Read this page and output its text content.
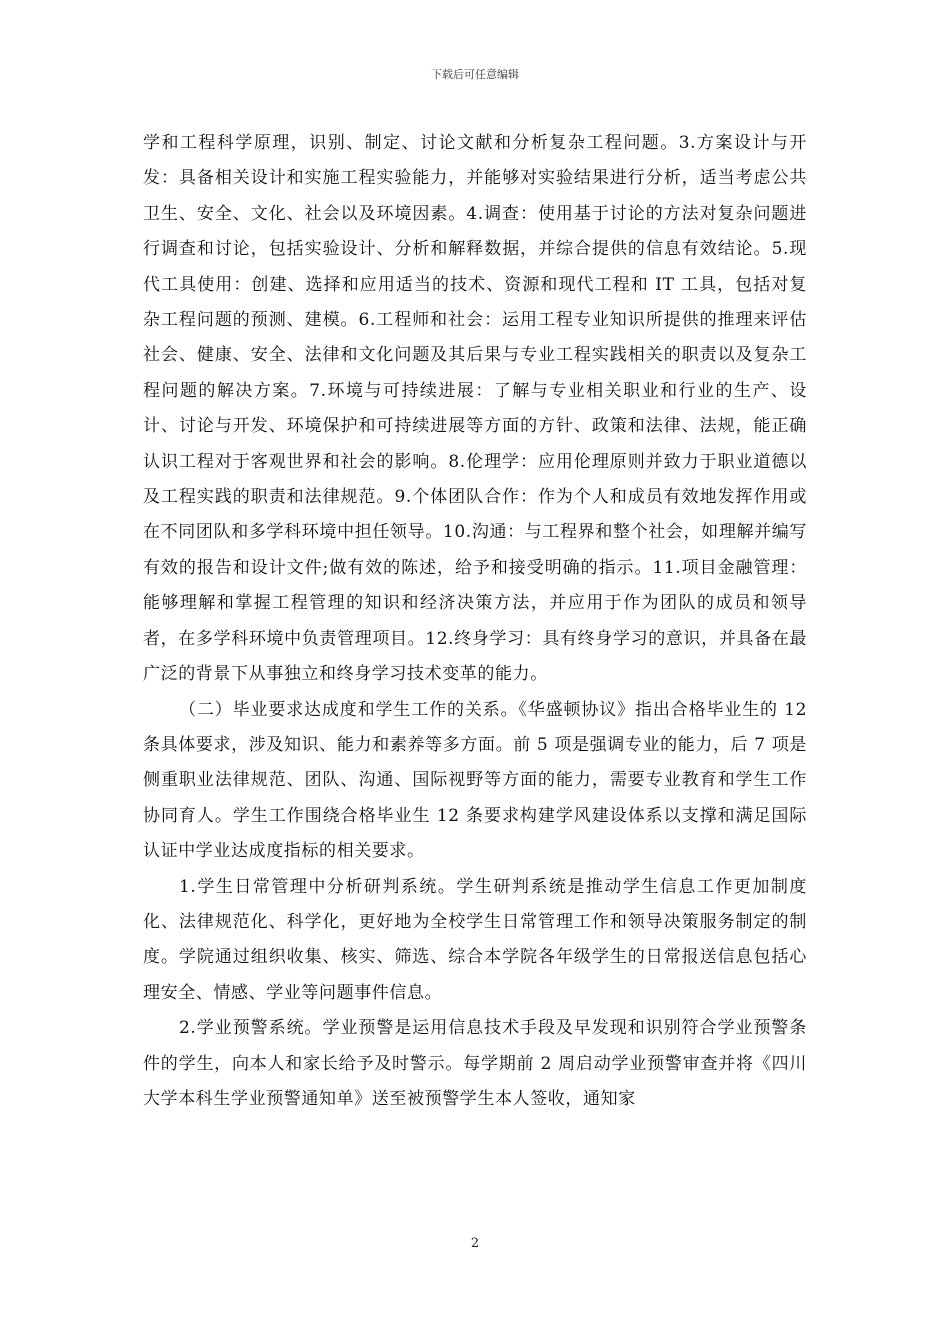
下载后可任意编辑

学和工程科学原理，识别、制定、讨论文献和分析复杂工程问题。3.方案设计与开发：具备相关设计和实施工程实验能力，并能够对实验结果进行分析，适当考虑公共卫生、安全、文化、社会以及环境因素。4.调查：使用基于讨论的方法对复杂问题进行调查和讨论，包括实验设计、分析和解释数据，并综合提供的信息有效结论。5.现代工具使用：创建、选择和应用适当的技术、资源和现代工程和 IT 工具，包括对复杂工程问题的预测、建模。6.工程师和社会：运用工程专业知识所提供的推理来评估社会、健康、安全、法律和文化问题及其后果与专业工程实践相关的职责以及复杂工程问题的解决方案。7.环境与可持续进展：了解与专业相关职业和行业的生产、设计、讨论与开发、环境保护和可持续进展等方面的方针、政策和法律、法规，能正确认识工程对于客观世界和社会的影响。8.伦理学：应用伦理原则并致力于职业道德以及工程实践的职责和法律规范。9.个体团队合作：作为个人和成员有效地发挥作用或在不同团队和多学科环境中担任领导。10.沟通：与工程界和整个社会，如理解并编写有效的报告和设计文件;做有效的陈述，给予和接受明确的指示。11.项目金融管理：能够理解和掌握工程管理的知识和经济决策方法，并应用于作为团队的成员和领导者，在多学科环境中负责管理项目。12.终身学习：具有终身学习的意识，并具备在最广泛的背景下从事独立和终身学习技术变革的能力。

（二）毕业要求达成度和学生工作的关系。《华盛顿协议》指出合格毕业生的 12 条具体要求，涉及知识、能力和素养等多方面。前 5 项是强调专业的能力，后 7 项是侧重职业法律规范、团队、沟通、国际视野等方面的能力，需要专业教育和学生工作协同育人。学生工作围绕合格毕业生 12 条要求构建学风建设体系以支撑和满足国际认证中学业达成度指标的相关要求。

1.学生日常管理中分析研判系统。学生研判系统是推动学生信息工作更加制度化、法律规范化、科学化，更好地为全校学生日常管理工作和领导决策服务制定的制度。学院通过组织收集、核实、筛选、综合本学院各年级学生的日常报送信息包括心理安全、情感、学业等问题事件信息。

2.学业预警系统。学业预警是运用信息技术手段及早发现和识别符合学业预警条件的学生，向本人和家长给予及时警示。每学期前 2 周启动学业预警审查并将《四川大学本科生学业预警通知单》送至被预警学生本人签收，通知家

2
